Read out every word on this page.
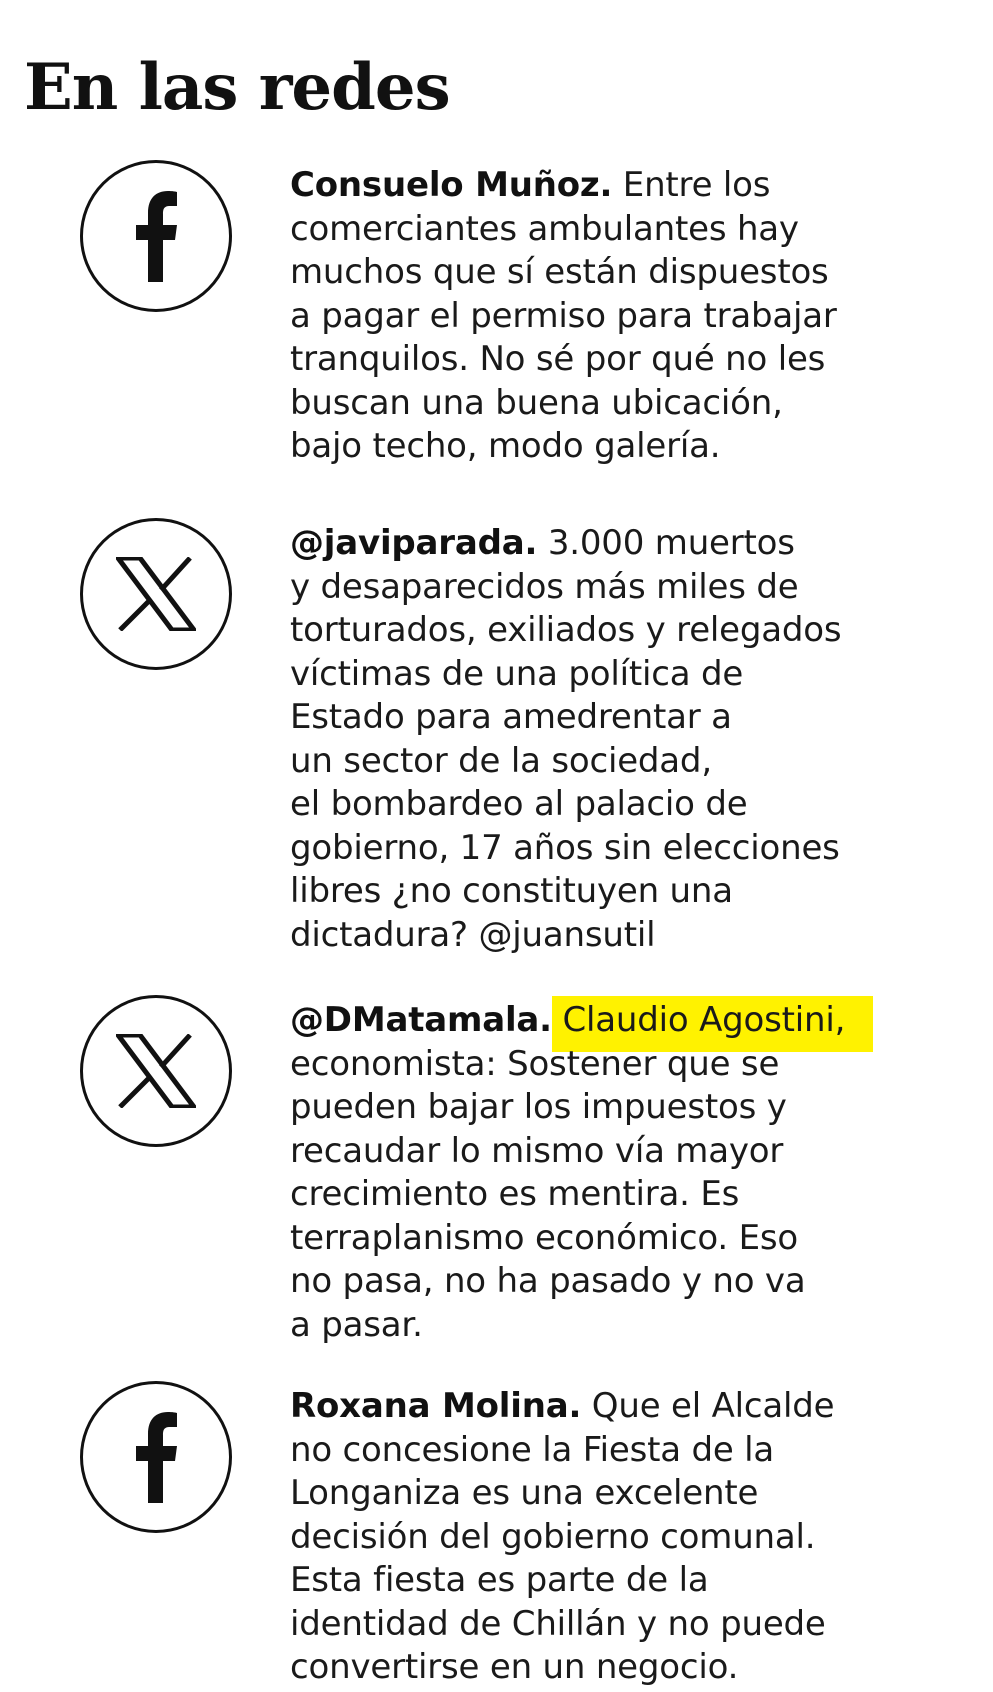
En las redes

Consuelo Muñoz. Entre los
comerciantes ambulantes hay
muchos que sí están dispuestos
a pagar el permiso para trabajar
tranquilos. No sé por qué no les
buscan una buena ubicación,
bajo techo, modo galería.

@javiparada. 3.000 muertos
y desaparecidos más miles de
torturados, exiliados y relegados
víctimas de una política de
Estado para amedrentar a
un sector de la sociedad,
el bombardeo al palacio de
gobierno, 17 años sin elecciones
libres ¿no constituyen una
dictadura? @juansutil

@DMatamala. Claudio Agostini,
economista: Sostener que se
pueden bajar los impuestos y
recaudar lo mismo vía mayor
crecimiento es mentira. Es
terraplanismo económico. Eso
no pasa, no ha pasado y no va
a pasar.

Roxana Molina. Que el Alcalde
no concesione la Fiesta de la
Longaniza es una excelente
decisión del gobierno comunal.
Esta fiesta es parte de la
identidad de Chillán y no puede
convertirse en un negocio.
